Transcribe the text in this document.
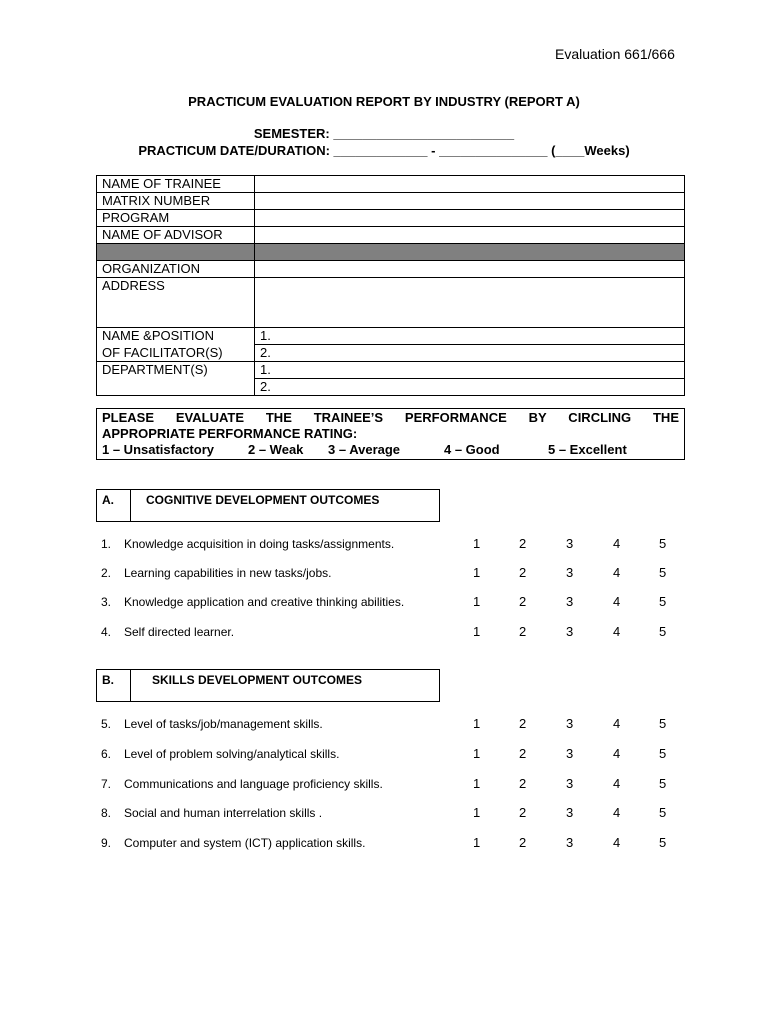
Evaluation 661/666
PRACTICUM EVALUATION REPORT BY INDUSTRY (REPORT A)
SEMESTER: _________________________
PRACTICUM DATE/DURATION: _____________ - _______________ (____Weeks)
NAME OF TRAINEE	
MATRIX NUMBER	
PROGRAM	
NAME OF ADVISOR	

ORGANIZATION	
ADDRESS	
NAME &POSITION	1.
OF FACILITATOR(S)	2.
DEPARTMENT(S)	1.
	2.
PLEASE EVALUATE THE TRAINEE’S PERFORMANCE BY CIRCLING THE
APPROPRIATE PERFORMANCE RATING:
1 – Unsatisfactory	2 – Weak 3 – Average	4 – Good	5 – Excellent
A.	COGNITIVE DEVELOPMENT OUTCOMES
1. Knowledge acquisition in doing tasks/assignments.	1	2	3	4	5
2. Learning capabilities in new tasks/jobs.	1	2	3	4	5
3. Knowledge application and creative thinking abilities.	1	2	3	4	5
4. Self directed learner.	1	2	3	4	5
B.	SKILLS DEVELOPMENT OUTCOMES
5. Level of tasks/job/management skills.	1	2	3	4	5
6. Level of problem solving/analytical skills.	1	2	3	4	5
7. Communications and language proficiency skills.	1	2	3	4	5
8. Social and human interrelation skills .	1	2	3	4	5
9. Computer and system (ICT) application skills.	1	2	3	4	5
